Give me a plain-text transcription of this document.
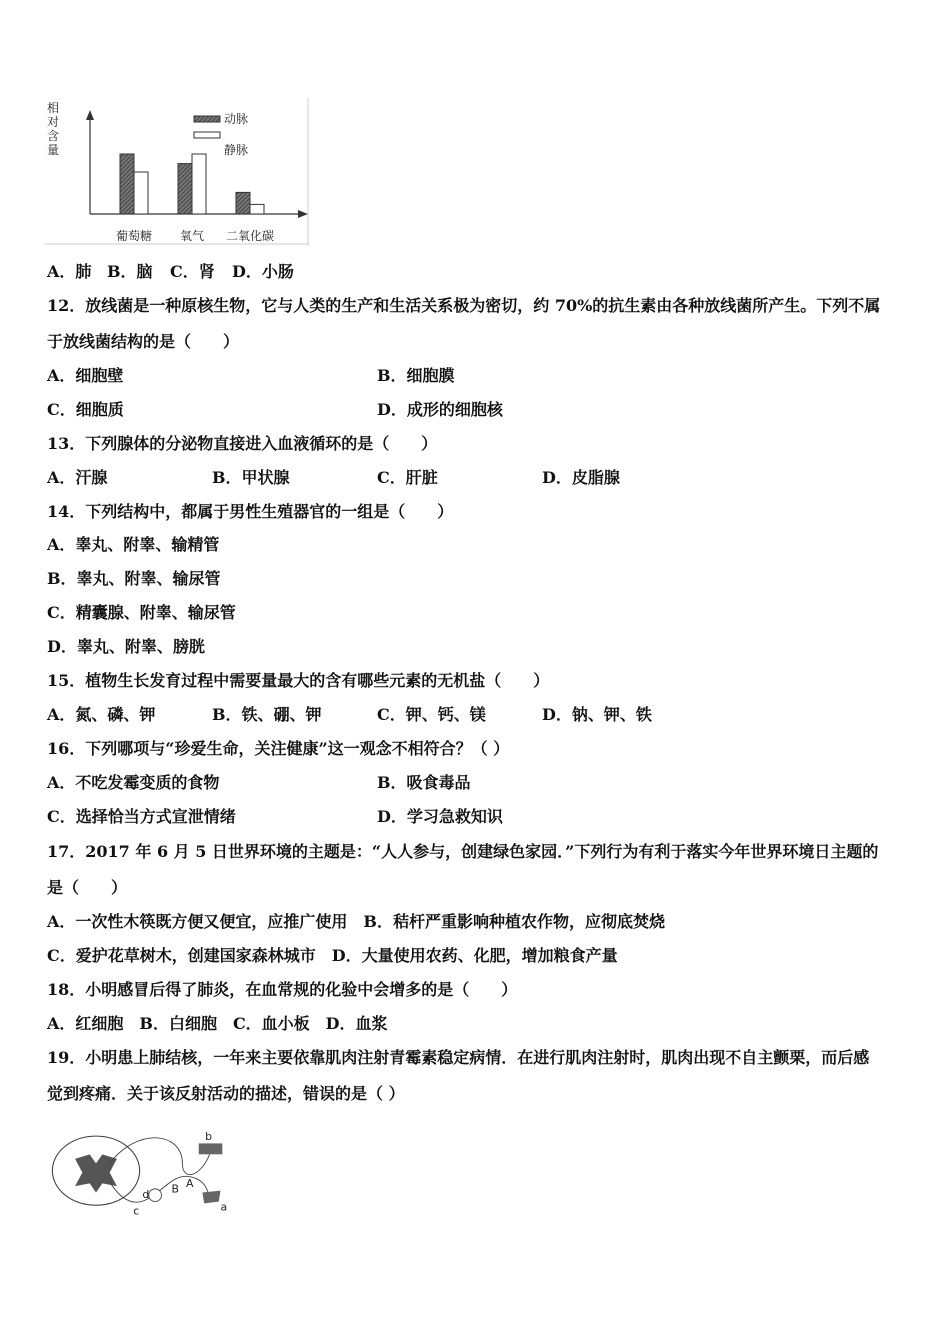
动脉
静脉
葡萄糖 氧气 二氧化碳
相对含量
a
b
c
d
A
B
A．肺 B．脑 C．肾 D．小肠
12．放线菌是一种原核生物，它与人类的生产和生活关系极为密切，约 70%的抗生素由各种放线菌所产生。下列不属
于放线菌结构的是（　　）
A．细胞壁	B．细胞膜
C．细胞质	D．成形的细胞核
13．下列腺体的分泌物直接进入血液循环的是（　　）
A．汗腺	B．甲状腺	C．肝脏	D．皮脂腺
14．下列结构中，都属于男性生殖器官的一组是（　　）
A．睾丸、附睾、输精管
B．睾丸、附睾、输尿管
C．精囊腺、附睾、输尿管
D．睾丸、附睾、膀胱
15．植物生长发育过程中需要量最大的含有哪些元素的无机盐（　　）
A．氮、磷、钾	B．铁、硼、钾	C．钾、钙、镁	D．钠、钾、铁
16．下列哪项与“珍爱生命，关注健康”这一观念不相符合？（ ）
A．不吃发霉变质的食物	B．吸食毒品
C．选择恰当方式宣泄情绪	D．学习急救知识
17．2017 年 6 月 5 日世界环境的主题是：“人人参与，创建绿色家园．”下列行为有利于落实今年世界环境日主题的
是（　　）
A．一次性木筷既方便又便宜，应推广使用　B．秸杆严重影响种植农作物，应彻底焚烧
C．爱护花草树木，创建国家森林城市　D．大量使用农药、化肥，增加粮食产量
18．小明感冒后得了肺炎，在血常规的化验中会增多的是（　　）
A．红细胞　B．白细胞　C．血小板　D．血浆
19．小明患上肺结核，一年来主要依靠肌肉注射青霉素稳定病情．在进行肌肉注射时，肌肉出现不自主颤栗，而后感
觉到疼痛．关于该反射活动的描述，错误的是（ ）
